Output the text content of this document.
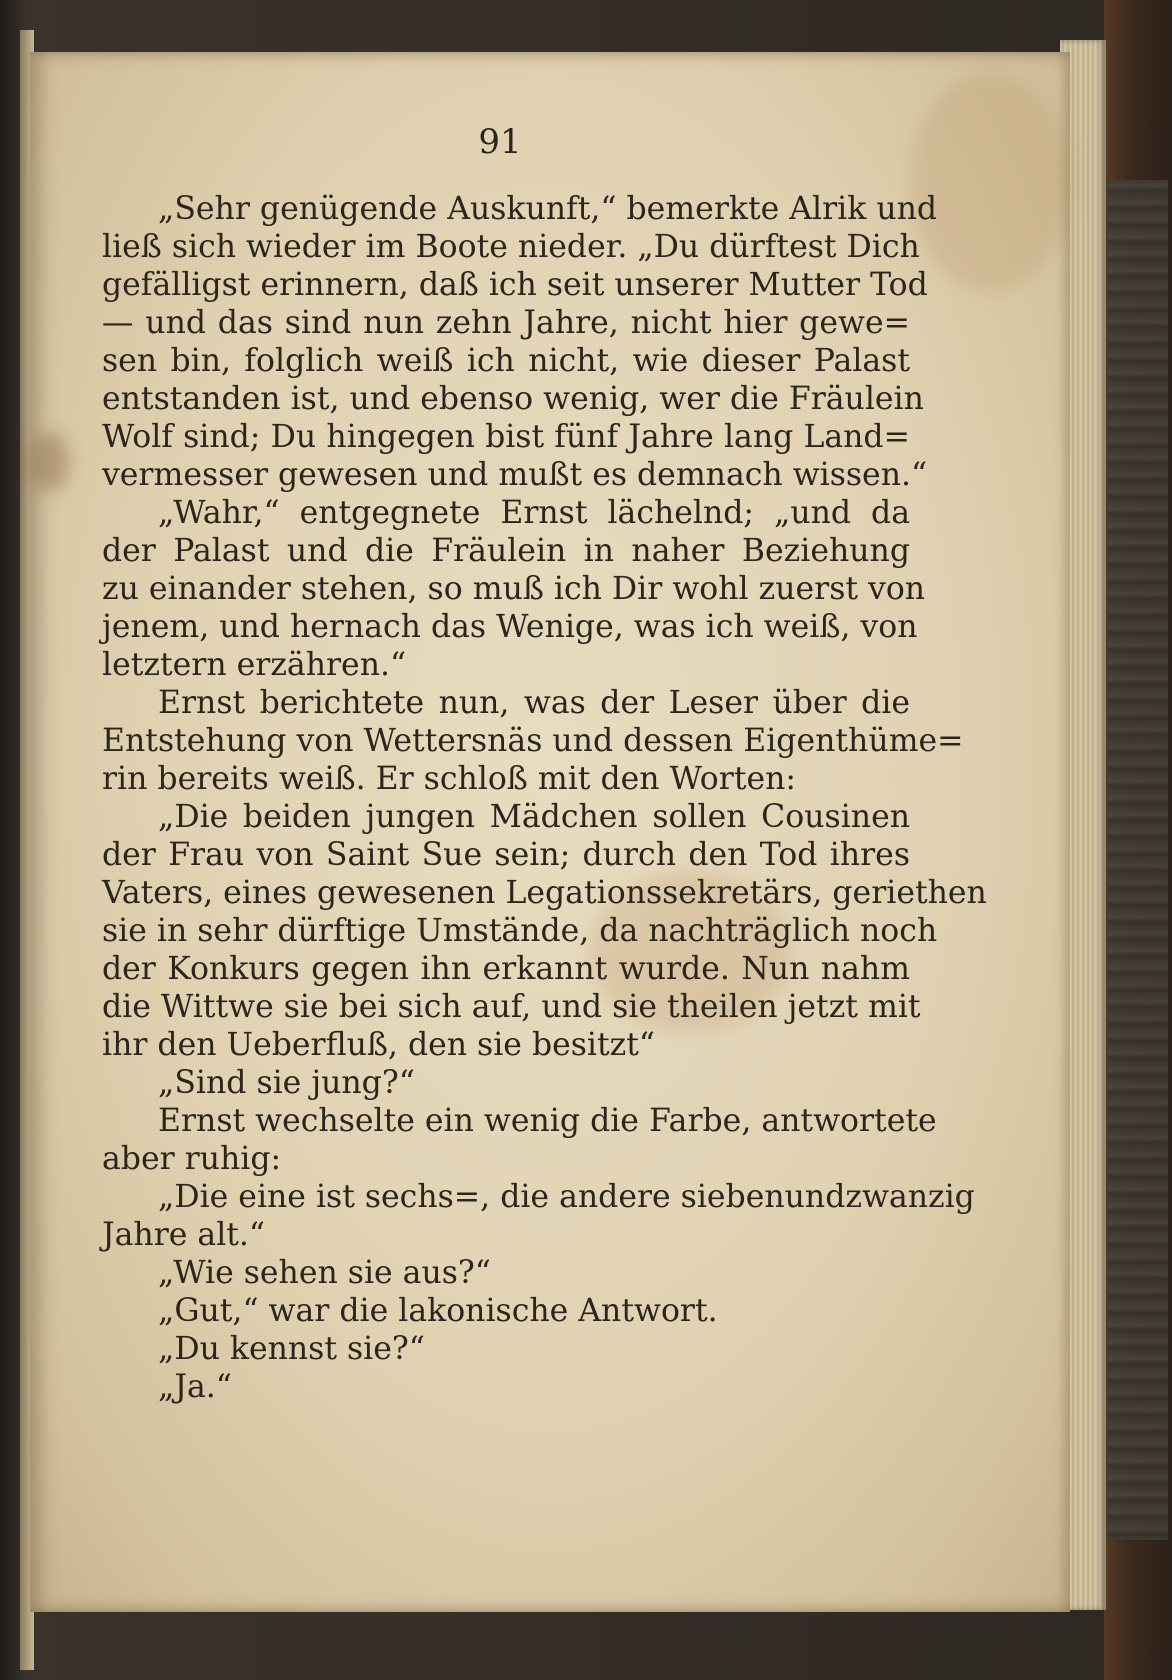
91
„Sehr genügende Auskunft,“ bemerkte Alrik und
ließ sich wieder im Boote nieder. „Du dürftest Dich
gefälligst erinnern, daß ich seit unserer Mutter Tod
— und das sind nun zehn Jahre, nicht hier gewe=
sen bin, folglich weiß ich nicht, wie dieser Palast
entstanden ist, und ebenso wenig, wer die Fräulein
Wolf sind; Du hingegen bist fünf Jahre lang Land=
vermesser gewesen und mußt es demnach wissen.“
„Wahr,“ entgegnete Ernst lächelnd; „und da
der Palast und die Fräulein in naher Beziehung
zu einander stehen, so muß ich Dir wohl zuerst von
jenem, und hernach das Wenige, was ich weiß, von
letztern erzähren.“
Ernst berichtete nun, was der Leser über die
Entstehung von Wettersnäs und dessen Eigenthüme=
rin bereits weiß. Er schloß mit den Worten:
„Die beiden jungen Mädchen sollen Cousinen
der Frau von Saint Sue sein; durch den Tod ihres
Vaters, eines gewesenen Legationssekretärs, geriethen
sie in sehr dürftige Umstände, da nachträglich noch
der Konkurs gegen ihn erkannt wurde. Nun nahm
die Wittwe sie bei sich auf, und sie theilen jetzt mit
ihr den Ueberfluß, den sie besitzt“
„Sind sie jung?“
Ernst wechselte ein wenig die Farbe, antwortete
aber ruhig:
„Die eine ist sechs=, die andere siebenundzwanzig
Jahre alt.“
„Wie sehen sie aus?“
„Gut,“ war die lakonische Antwort.
„Du kennst sie?“
„Ja.“
